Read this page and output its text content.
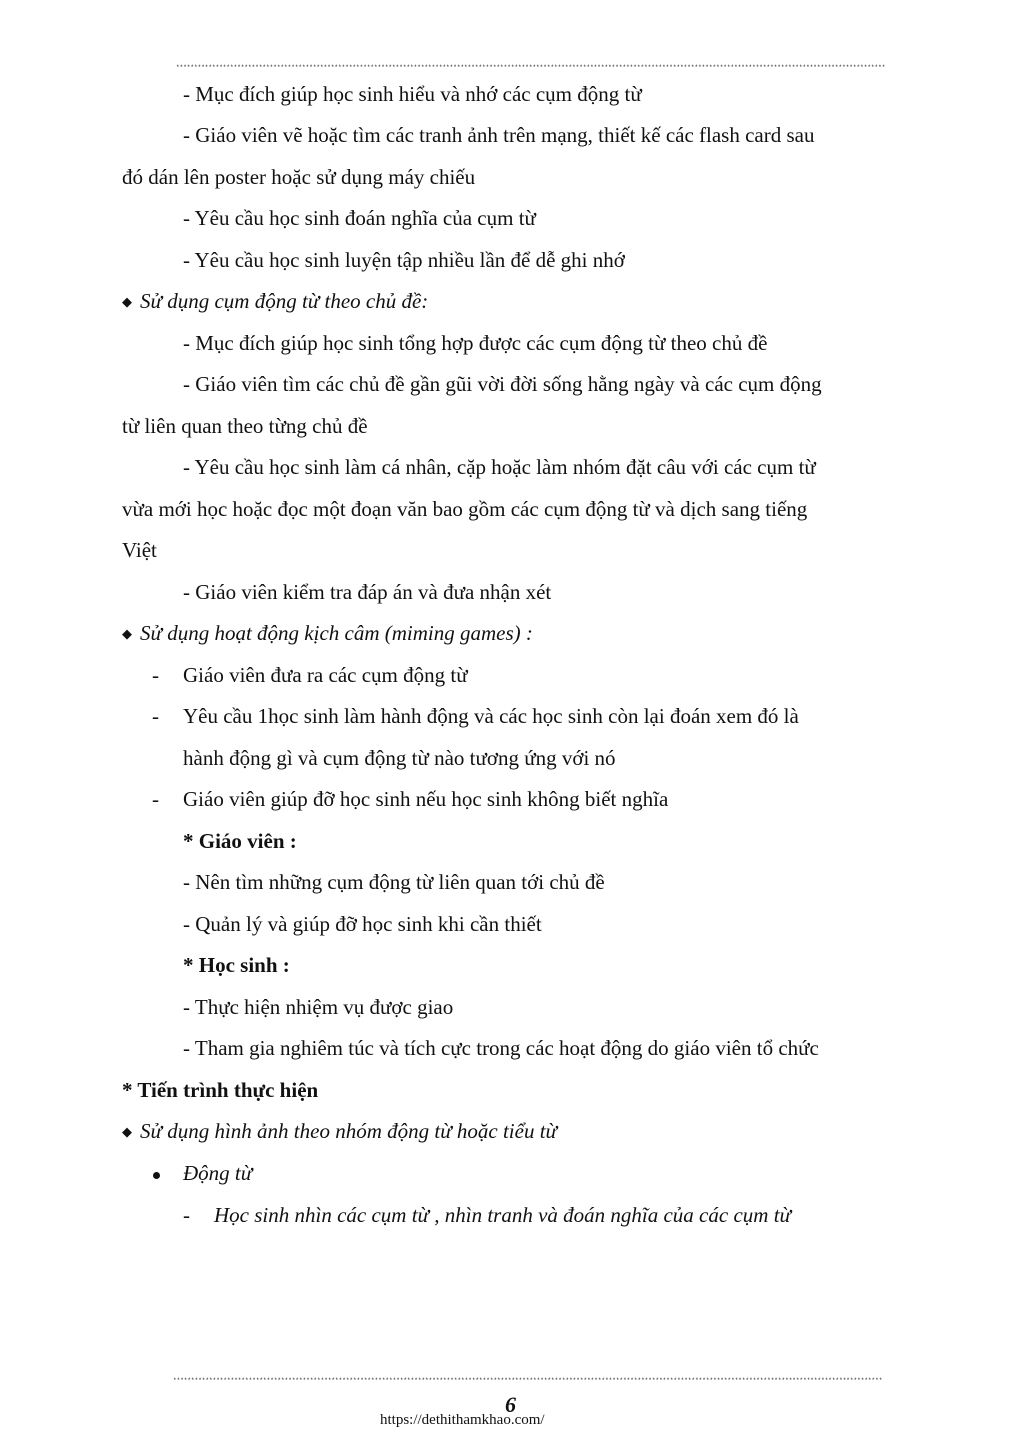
*****************************************************************************************************************************************************************************************************
- Mục đích giúp học sinh hiểu và nhớ các cụm động từ
- Giáo viên vẽ hoặc tìm các tranh ảnh trên mạng, thiết kế các flash card sau
đó dán lên poster hoặc sử dụng máy chiếu
- Yêu cầu học sinh đoán nghĩa của cụm từ
- Yêu cầu học sinh luyện tập nhiều lần để dễ ghi nhớ
◆ Sử dụng cụm động từ theo chủ đề:
- Mục đích giúp học sinh tổng hợp được các cụm động từ theo chủ đề
- Giáo viên tìm các chủ đề gần gũi vời đời sống hằng ngày và các cụm động
từ liên quan theo từng chủ đề
- Yêu cầu học sinh làm cá nhân, cặp hoặc làm nhóm đặt câu với các cụm từ
vừa mới học hoặc đọc một đoạn văn bao gồm các cụm động từ và dịch sang tiếng
Việt
- Giáo viên kiểm tra đáp án và đưa nhận xét
◆ Sử dụng hoạt động kịch câm (miming games) :
- Giáo viên đưa ra các cụm động từ
- Yêu cầu 1học sinh làm hành động và các học sinh còn lại đoán xem đó là
hành động gì và cụm động từ nào tương ứng với nó
- Giáo viên giúp đỡ học sinh nếu học sinh không biết nghĩa
* Giáo viên :
- Nên tìm những cụm động từ liên quan tới chủ đề
- Quản lý và giúp đỡ học sinh khi cần thiết
* Học sinh :
- Thực hiện nhiệm vụ được giao
- Tham gia nghiêm túc và tích cực trong các hoạt động do giáo viên tổ chức
* Tiến trình thực hiện
◆ Sử dụng hình ảnh theo nhóm động từ hoặc tiểu từ
Động từ
- Học sinh nhìn các cụm từ , nhìn tranh và đoán nghĩa của các cụm từ
*****************************************************************************************************************************************************************************************************
6
https://dethithamkhao.com/
